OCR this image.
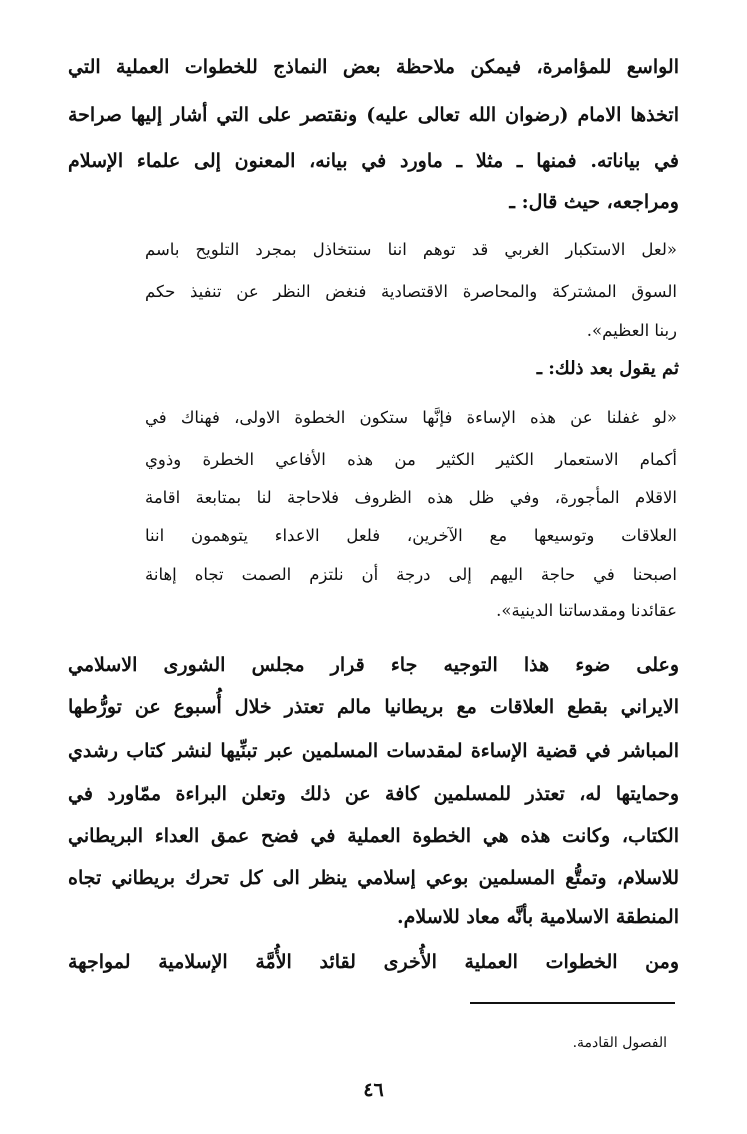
الواسع للمؤامرة، فيمكن ملاحظة بعض النماذج للخطوات العملية التي
اتخذها الامام (رضوان الله تعالى عليه) ونقتصر على التي أشار إليها صراحة
في بياناته. فمنها ـ مثلا ـ ماورد في بيانه، المعنون إلى علماء الإسلام
ومراجعه، حيث قال: ـ
«لعل الاستكبار الغربي قد توهم اننا سنتخاذل بمجرد التلويح باسم
السوق المشتركة والمحاصرة الاقتصادية فنغض النظر عن تنفيذ حكم
ربنا العظيم».
ثم يقول بعد ذلك: ـ
«لو غفلنا عن هذه الإساءة فإنَّها ستكون الخطوة الاولى، فهناك في
أكمام الاستعمار الكثير الكثير من هذه الأفاعي الخطرة وذوي
الاقلام المأجورة، وفي ظل هذه الظروف فلاحاجة لنا بمتابعة اقامة
العلاقات وتوسيعها مع الآخرين، فلعل الاعداء يتوهمون اننا
اصبحنا في حاجة اليهم إلى درجة أن نلتزم الصمت تجاه إهانة
عقائدنا ومقدساتنا الدينية».
وعلى ضوء هذا التوجيه جاء قرار مجلس الشورى الاسلامي
الايراني بقطع العلاقات مع بريطانيا مالم تعتذر خلال أُسبوع عن تورُّطها
المباشر في قضية الإساءة لمقدسات المسلمين عبر تبنِّيها لنشر كتاب رشدي
وحمايتها له، تعتذر للمسلمين كافة عن ذلك وتعلن البراءة ممّاورد في
الكتاب، وكانت هذه هي الخطوة العملية في فضح عمق العداء البريطاني
للاسلام، وتمتُّع المسلمين بوعي إسلامي ينظر الى كل تحرك بريطاني تجاه
المنطقة الاسلامية بأنَّه معاد للاسلام.
ومن الخطوات العملية الأُخرى لقائد الأُمَّة الإسلامية لمواجهة
الفصول القادمة.
٤٦
